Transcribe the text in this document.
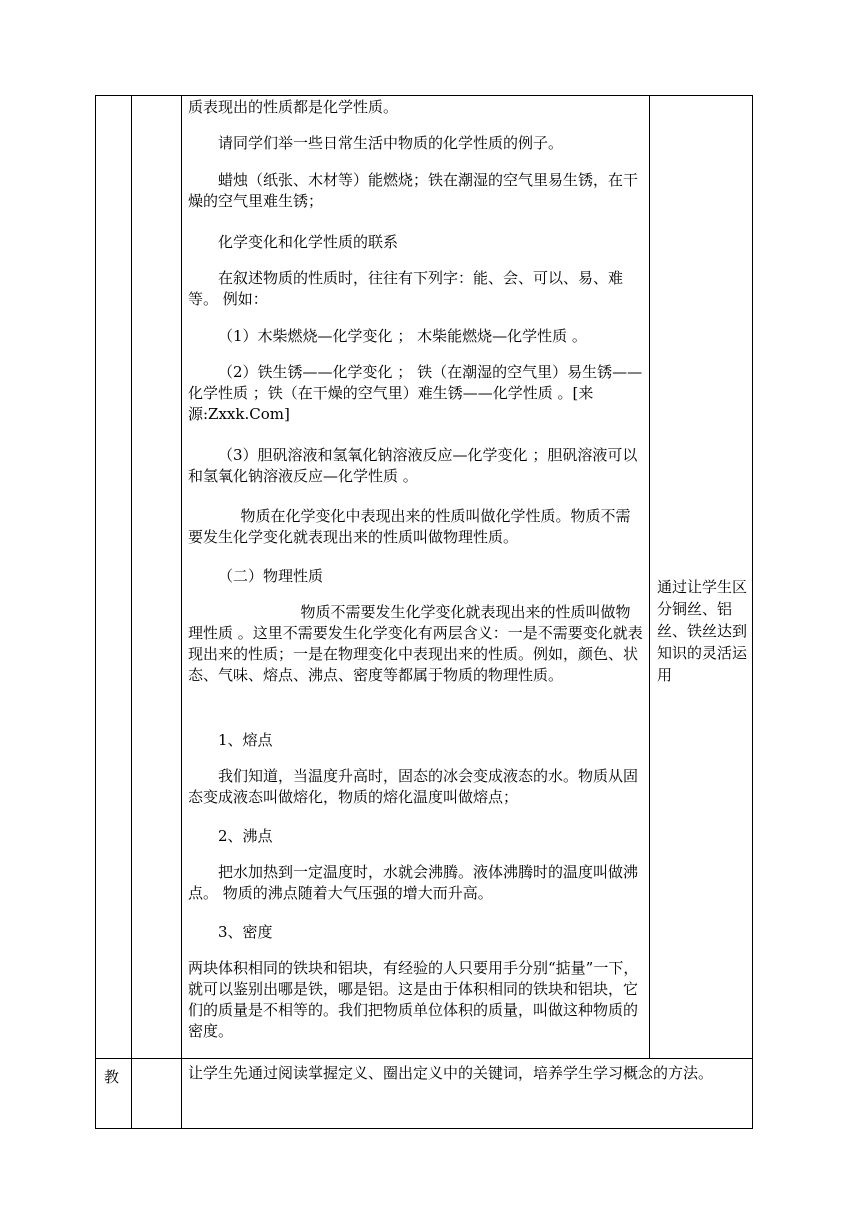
质表现出的性质都是化学性质。

请同学们举一些日常生活中物质的化学性质的例子。

蜡烛（纸张、木材等）能燃烧；铁在潮湿的空气里易生锈，在干燥的空气里难生锈；

化学变化和化学性质的联系

在叙述物质的性质时，往往有下列字：能、会、可以、易、难等。 例如：

（1）木柴燃烧—化学变化 ； 木柴能燃烧—化学性质 。

（2）铁生锈——化学变化 ； 铁（在潮湿的空气里）易生锈——化学性质 ；铁（在干燥的空气里）难生锈——化学性质 。[来源:Zxxk.Com]

（3）胆矾溶液和氢氧化钠溶液反应—化学变化 ；胆矾溶液可以和氢氧化钠溶液反应—化学性质 。

物质在化学变化中表现出来的性质叫做化学性质。物质不需要发生化学变化就表现出来的性质叫做物理性质。

（二）物理性质

物质不需要发生化学变化就表现出来的性质叫做物理性质 。这里不需要发生化学变化有两层含义：一是不需要变化就表现出来的性质；一是在物理变化中表现出来的性质。例如，颜色、状态、气味、熔点、沸点、密度等都属于物质的物理性质。

1、熔点

我们知道，当温度升高时，固态的冰会变成液态的水。物质从固态变成液态叫做熔化，物质的熔化温度叫做熔点；

2、沸点

把水加热到一定温度时，水就会沸腾。液体沸腾时的温度叫做沸点。 物质的沸点随着大气压强的增大而升高。

3、密度

两块体积相同的铁块和铝块，有经验的人只要用手分别“掂量”一下，就可以鉴别出哪是铁，哪是铝。这是由于体积相同的铁块和铝块，它们的质量是不相等的。我们把物质单位体积的质量，叫做这种物质的密度。

通过让学生区分铜丝、铝丝、铁丝达到知识的灵活运用

教	让学生先通过阅读掌握定义、圈出定义中的关键词，培养学生学习概念的方法。
